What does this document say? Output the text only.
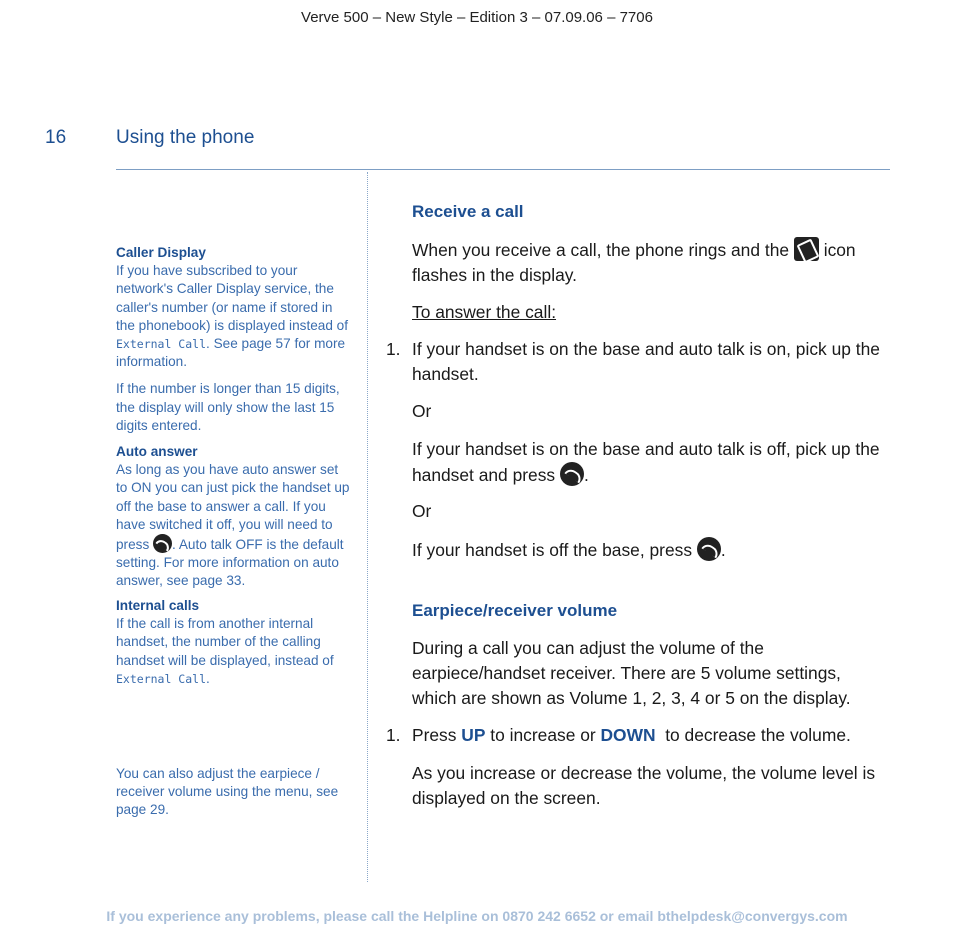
Verve 500 – New Style – Edition 3 – 07.09.06 – 7706
16	Using the phone
Caller Display

If you have subscribed to your network's Caller Display service, the caller's number (or name if stored in the phonebook) is displayed instead of External Call. See page 57 for more information.

If the number is longer than 15 digits, the display will only show the last 15 digits entered.

Auto answer

As long as you have auto answer set to ON you can just pick the handset up off the base to answer a call. If you have switched it off, you will need to press . Auto talk OFF is the default setting. For more information on auto answer, see page 33.

Internal calls

If the call is from another internal handset, the number of the calling handset will be displayed, instead of External Call.

You can also adjust the earpiece / receiver volume using the menu, see page 29.
Receive a call

When you receive a call, the phone rings and the  icon flashes in the display.

To answer the call:

1. If your handset is on the base and auto talk is on, pick up the handset.
Or

If your handset is on the base and auto talk is off, pick up the handset and press .

Or

If your handset is off the base, press .

Earpiece/receiver volume
During a call you can adjust the volume of the earpiece/handset receiver. There are 5 volume settings, which are shown as Volume 1, 2, 3, 4 or 5 on the display.
1. Press UP to increase or DOWN  to decrease the volume.

As you increase or decrease the volume, the volume level is displayed on the screen.
If you experience any problems, please call the Helpline on 0870 242 6652 or email bthelpdesk@convergys.com
